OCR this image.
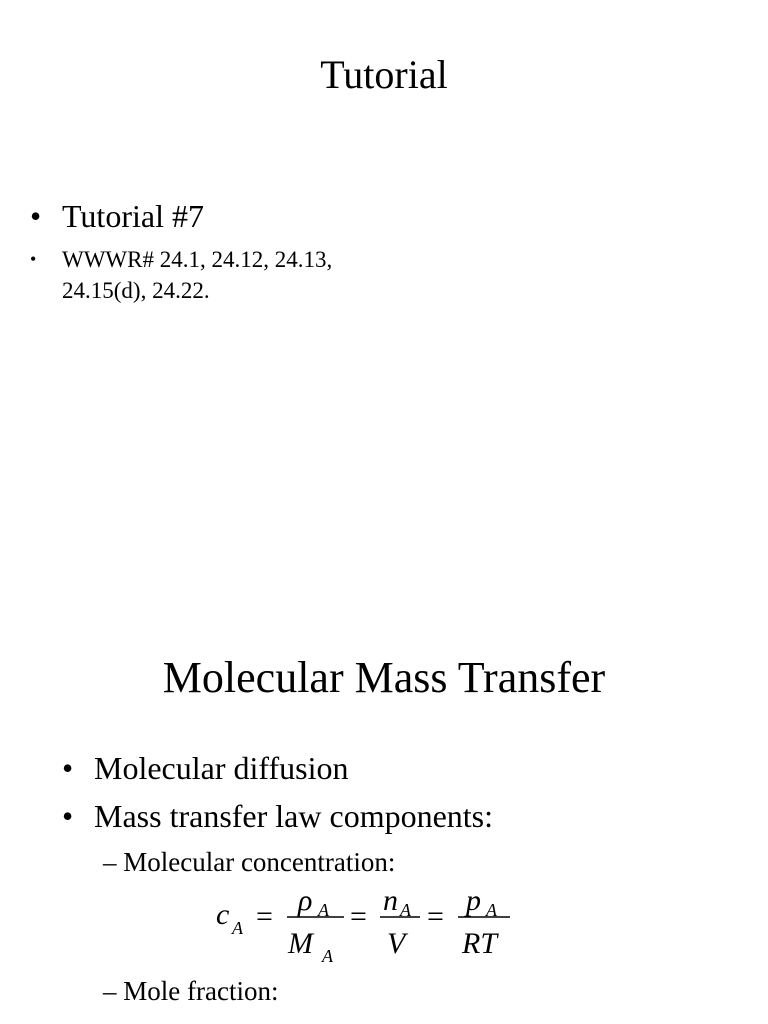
Tutorial
• Tutorial #7
•	WWWR# 24.1, 24.12, 24.13, 24.15(d), 24.22.
Molecular Mass Transfer
• Molecular diffusion
• Mass transfer law components:
– Molecular concentration:
c A = ρ A
M A
= n A
V
= p A
RT
– Mole fraction:
